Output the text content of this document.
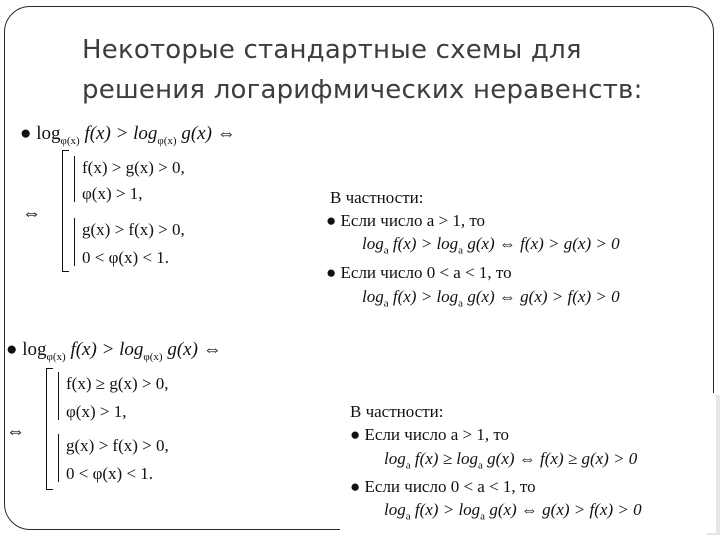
Некоторые стандартные схемы для
решения логарифмических неравенств:
● $\log_{\varphi(x)} f(x) > \log_{\varphi(x)} g(x)$ ⇔
⇔
f(x) > g(x) > 0,
φ(x) > 1,
g(x) > f(x) > 0,
0 < φ(x) < 1.
В частности:
● Если число a > 1, то
$\log_a f(x) > \log_a g(x)$ ⇔ f(x) > g(x) > 0
● Если число 0 < a < 1, то
$\log_a f(x) > \log_a g(x)$ ⇔ g(x) > f(x) > 0
● $\log_{\varphi(x)} f(x) > \log_{\varphi(x)} g(x)$ ⇔
⇔
f(x) ≥ g(x) > 0,
φ(x) > 1,
g(x) > f(x) > 0,
0 < φ(x) < 1.
В частности:
● Если число a > 1, то
$\log_a f(x) \ge \log_a g(x)$ ⇔ f(x) ≥ g(x) > 0
● Если число 0 < a < 1, то
$\log_a f(x) > \log_a g(x)$ ⇔ g(x) > f(x) > 0
